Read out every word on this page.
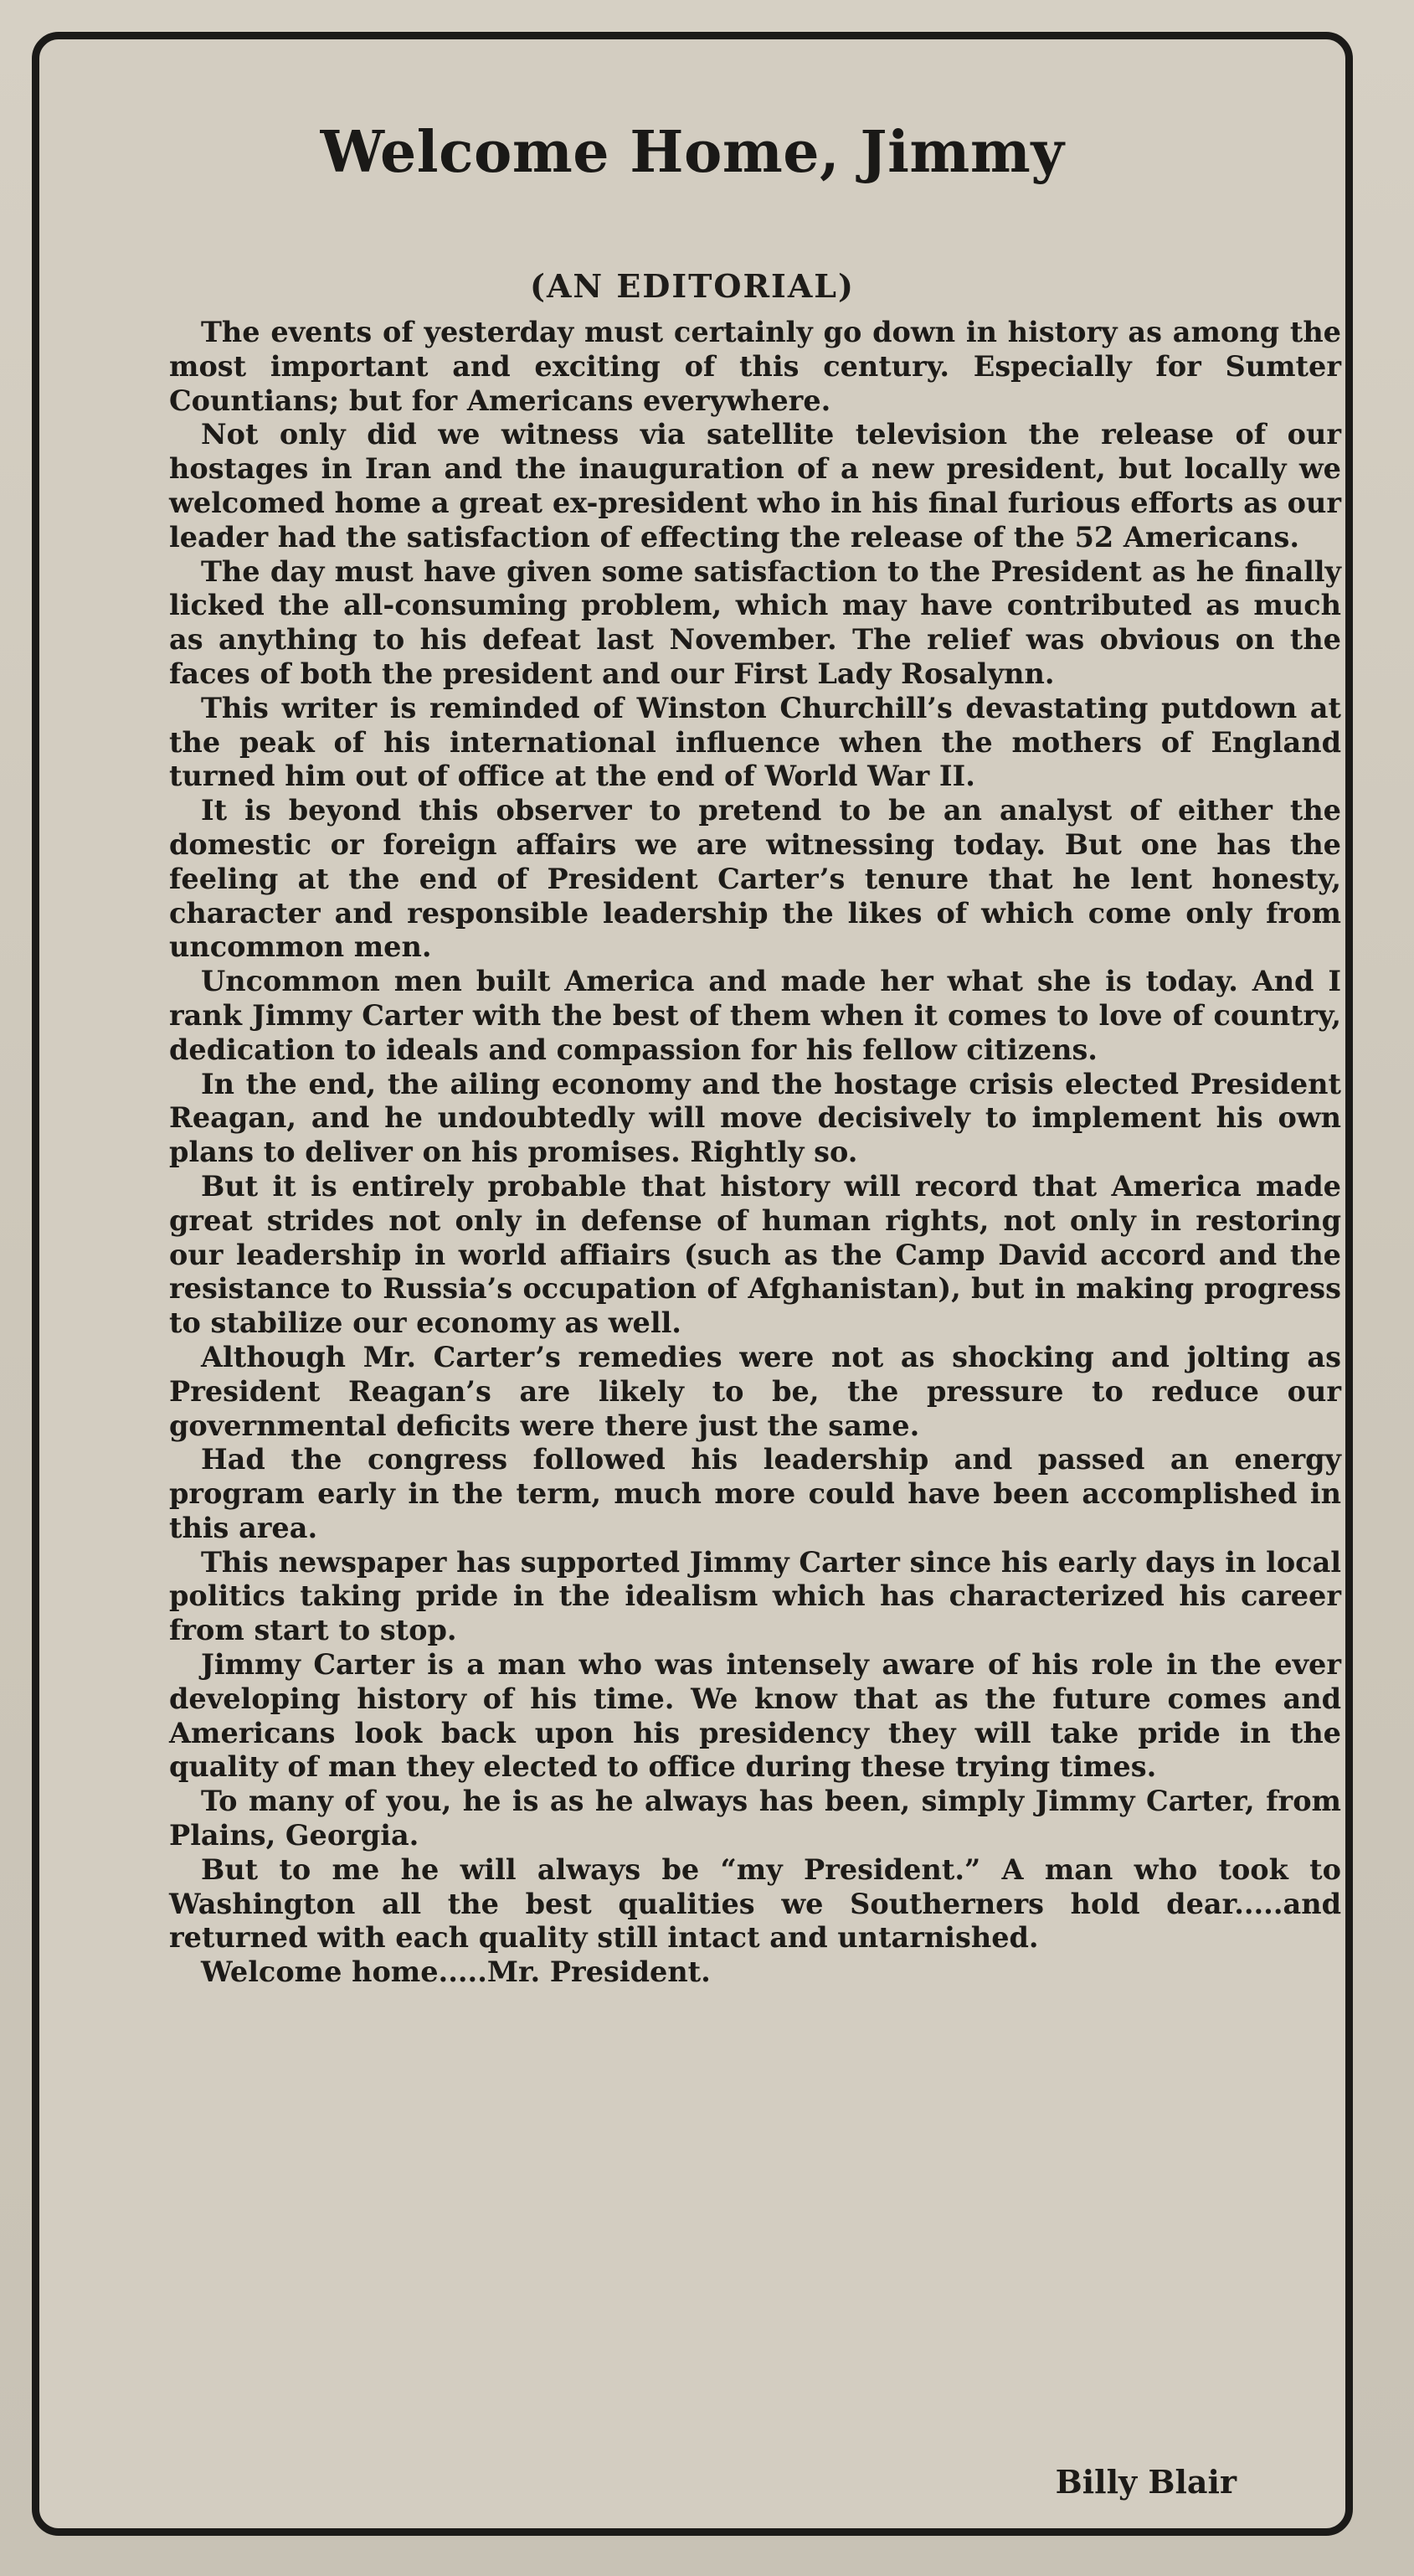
Welcome Home, Jimmy
(AN EDITORIAL)

The events of yesterday must certainly go down in history as among the most important and exciting of this century. Especially for Sumter Countians; but for Americans everywhere.

Not only did we witness via satellite television the release of our hostages in Iran and the inauguration of a new president, but locally we welcomed home a great ex-president who in his final furious efforts as our leader had the satisfaction of effecting the release of the 52 Americans.

The day must have given some satisfaction to the President as he finally licked the all-consuming problem, which may have contributed as much as anything to his defeat last November. The relief was obvious on the faces of both the president and our First Lady Rosalynn.

This writer is reminded of Winston Churchill’s devastating putdown at the peak of his international influence when the mothers of England turned him out of office at the end of World War II.

It is beyond this observer to pretend to be an analyst of either the domestic or foreign affairs we are witnessing today. But one has the feeling at the end of President Carter’s tenure that he lent honesty, character and responsible leadership the likes of which come only from uncommon men.

Uncommon men built America and made her what she is today. And I rank Jimmy Carter with the best of them when it comes to love of country, dedication to ideals and compassion for his fellow citizens.

In the end, the ailing economy and the hostage crisis elected President Reagan, and he undoubtedly will move decisively to implement his own plans to deliver on his promises. Rightly so.

But it is entirely probable that history will record that America made great strides not only in defense of human rights, not only in restoring our leadership in world affiairs (such as the Camp David accord and the resistance to Russia’s occupation of Afghanistan), but in making progress to stabilize our economy as well.

Although Mr. Carter’s remedies were not as shocking and jolting as President Reagan’s are likely to be, the pressure to reduce our governmental deficits were there just the same.

Had the congress followed his leadership and passed an energy program early in the term, much more could have been accomplished in this area.

This newspaper has supported Jimmy Carter since his early days in local politics taking pride in the idealism which has characterized his career from start to stop.

Jimmy Carter is a man who was intensely aware of his role in the ever developing history of his time. We know that as the future comes and Americans look back upon his presidency they will take pride in the quality of man they elected to office during these trying times.

To many of you, he is as he always has been, simply Jimmy Carter, from Plains, Georgia.

But to me he will always be “my President.” A man who took to Washington all the best qualities we Southerners hold dear.....and returned with each quality still intact and untarnished.

Welcome home.....Mr. President.

Billy Blair
